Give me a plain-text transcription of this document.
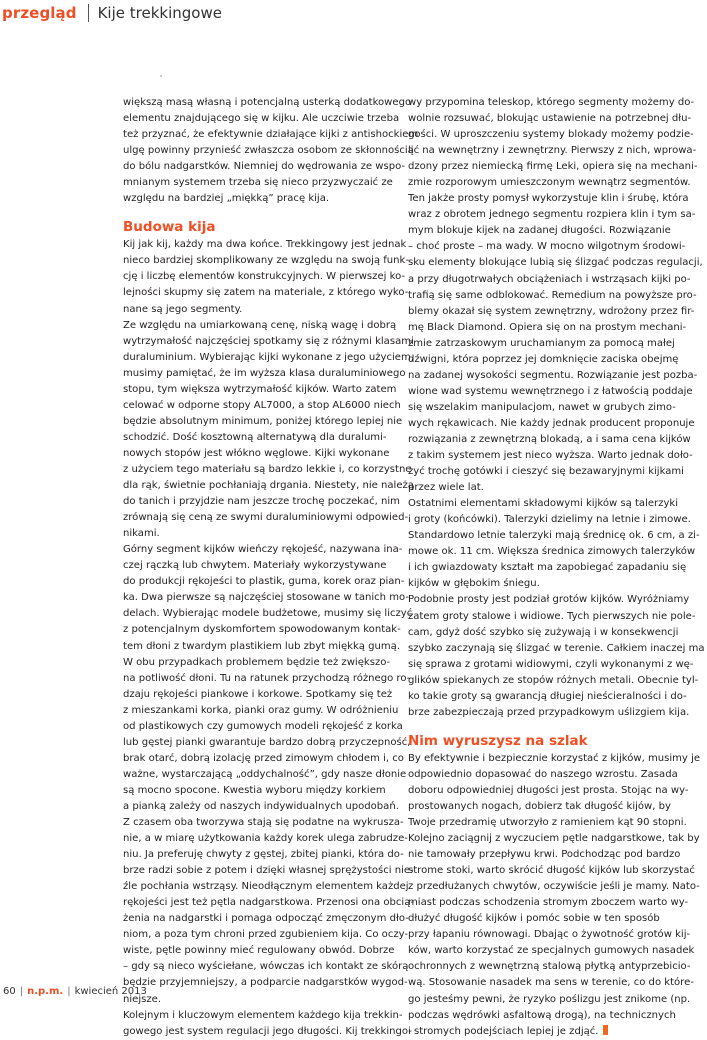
przegląd Kije trekkingowe

większą masą własną i potencjalną usterką dodatkowego

elementu znajdującego się w kijku. Ale uczciwie trzeba

też przyznać, że efektywnie działające kijki z antishockiem

ulgę powinny przynieść zwłaszcza osobom ze skłonnością

do bólu nadgarstków. Niemniej do wędrowania ze wspo-

mnianym systemem trzeba się nieco przyzwyczaić ze

względu na bardziej „miękką” pracę kija.

Budowa kija

Kij jak kij, każdy ma dwa końce. Trekkingowy jest jednak

nieco bardziej skomplikowany ze względu na swoją funk-

cję i liczbę elementów konstrukcyjnych. W pierwszej ko-

lejności skupmy się zatem na materiale, z którego wyko-

nane są jego segmenty.

Ze względu na umiarkowaną cenę, niską wagę i dobrą

wytrzymałość najczęściej spotkamy się z różnymi klasami

duraluminium. Wybierając kijki wykonane z jego użyciem,

musimy pamiętać, że im wyższa klasa duraluminiowego

stopu, tym większa wytrzymałość kijków. Warto zatem

celować w odporne stopy AL7000, a stop AL6000 niech

będzie absolutnym minimum, poniżej którego lepiej nie

schodzić. Dość kosztowną alternatywą dla duralumi-

nowych stopów jest włókno węglowe. Kijki wykonane

z użyciem tego materiału są bardzo lekkie i, co korzystne

dla rąk, świetnie pochłaniają drgania. Niestety, nie należą

do tanich i przyjdzie nam jeszcze trochę poczekać, nim

zrównają się ceną ze swymi duraluminiowymi odpowied-

nikami.

Górny segment kijków wieńczy rękojeść, nazywana ina-

czej rączką lub chwytem. Materiały wykorzystywane

do produkcji rękojeści to plastik, guma, korek oraz pian-

ka. Dwa pierwsze są najczęściej stosowane w tanich mo-

delach. Wybierając modele budżetowe, musimy się liczyć

z potencjalnym dyskomfortem spowodowanym kontak-

tem dłoni z twardym plastikiem lub zbyt miękką gumą.

W obu przypadkach problemem będzie też zwiększo-

na potliwość dłoni. Tu na ratunek przychodzą różnego ro-

dzaju rękojeści piankowe i korkowe. Spotkamy się też

z mieszankami korka, pianki oraz gumy. W odróżnieniu

od plastikowych czy gumowych modeli rękojeść z korka

lub gęstej pianki gwarantuje bardzo dobrą przyczepność,

brak otarć, dobrą izolację przed zimowym chłodem i, co

ważne, wystarczającą „oddychalność”, gdy nasze dłonie

są mocno spocone. Kwestia wyboru między korkiem

a pianką zależy od naszych indywidualnych upodobań.

Z czasem oba tworzywa stają się podatne na wykrusza-

nie, a w miarę użytkowania każdy korek ulega zabrudze-

niu. Ja preferuję chwyty z gęstej, zbitej pianki, która do-

brze radzi sobie z potem i dzięki własnej sprężystości nie-

źle pochłania wstrząsy. Nieodłącznym elementem każdej

rękojeści jest też pętla nadgarstkowa. Przenosi ona obcią-

żenia na nadgarstki i pomaga odpocząć zmęczonym dło-

niom, a poza tym chroni przed zgubieniem kija. Co oczy-

wiste, pętle powinny mieć regulowany obwód. Dobrze

– gdy są nieco wyściełane, wówczas ich kontakt ze skórą

będzie przyjemniejszy, a podparcie nadgarstków wygod-

niejsze.

Kolejnym i kluczowym elementem każdego kija trekkin-

gowego jest system regulacji jego długości. Kij trekkingo-

wy przypomina teleskop, którego segmenty możemy do-

wolnie rozsuwać, blokując ustawienie na potrzebnej dłu-

gości. W uproszczeniu systemy blokady możemy podzie-

lić na wewnętrzny i zewnętrzny. Pierwszy z nich, wprowa-

dzony przez niemiecką firmę Leki, opiera się na mechani-

zmie rozporowym umieszczonym wewnątrz segmentów.

Ten jakże prosty pomysł wykorzystuje klin i śrubę, która

wraz z obrotem jednego segmentu rozpiera klin i tym sa-

mym blokuje kijek na zadanej długości. Rozwiązanie

– choć proste – ma wady. W mocno wilgotnym środowi-

sku elementy blokujące lubią się ślizgać podczas regulacji,

a przy długotrwałych obciążeniach i wstrząsach kijki po-

trafią się same odblokować. Remedium na powyższe pro-

blemy okazał się system zewnętrzny, wdrożony przez fir-

mę Black Diamond. Opiera się on na prostym mechani-

zmie zatrzaskowym uruchamianym za pomocą małej

dźwigni, która poprzez jej domknięcie zaciska obejmę

na zadanej wysokości segmentu. Rozwiązanie jest pozba-

wione wad systemu wewnętrznego i z łatwością poddaje

się wszelakim manipulacjom, nawet w grubych zimo-

wych rękawicach. Nie każdy jednak producent proponuje

rozwiązania z zewnętrzną blokadą, a i sama cena kijków

z takim systemem jest nieco wyższa. Warto jednak doło-

żyć trochę gotówki i cieszyć się bezawaryjnymi kijkami

przez wiele lat.

Ostatnimi elementami składowymi kijków są talerzyki

i groty (końcówki). Talerzyki dzielimy na letnie i zimowe.

Standardowo letnie talerzyki mają średnicę ok. 6 cm, a zi-

mowe ok. 11 cm. Większa średnica zimowych talerzyków

i ich gwiazdowaty kształt ma zapobiegać zapadaniu się

kijków w głębokim śniegu.

Podobnie prosty jest podział grotów kijków. Wyróżniamy

zatem groty stalowe i widiowe. Tych pierwszych nie pole-

cam, gdyż dość szybko się zużywają i w konsekwencji

szybko zaczynają się ślizgać w terenie. Całkiem inaczej ma

się sprawa z grotami widiowymi, czyli wykonanymi z wę-

glików spiekanych ze stopów różnych metali. Obecnie tyl-

ko takie groty są gwarancją długiej nieścieralności i do-

brze zabezpieczają przed przypadkowym uślizgiem kija.

Nim wyruszysz na szlak

By efektywnie i bezpiecznie korzystać z kijków, musimy je

odpowiednio dopasować do naszego wzrostu. Zasada

doboru odpowiedniej długości jest prosta. Stojąc na wy-

prostowanych nogach, dobierz tak długość kijów, by

Twoje przedramię utworzyło z ramieniem kąt 90 stopni.

Kolejno zaciągnij z wyczuciem pętle nadgarstkowe, tak by

nie tamowały przepływu krwi. Podchodząc pod bardzo

strome stoki, warto skrócić długość kijków lub skorzystać

z przedłużanych chwytów, oczywiście jeśli je mamy. Nato-

miast podczas schodzenia stromym zboczem warto wy-

dłużyć długość kijków i pomóc sobie w ten sposób

przy łapaniu równowagi. Dbając o żywotność grotów kij-

ków, warto korzystać ze specjalnych gumowych nasadek

ochronnych z wewnętrzną stalową płytką antyprzebicio-

wą. Stosowanie nasadek ma sens w terenie, co do które-

go jesteśmy pewni, że ryzyko poślizgu jest znikome (np.

podczas wędrówki asfaltową drogą), na technicznych

i stromych podejściach lepiej je zdjąć.

60 | n.p.m. | kwiecień 2013
